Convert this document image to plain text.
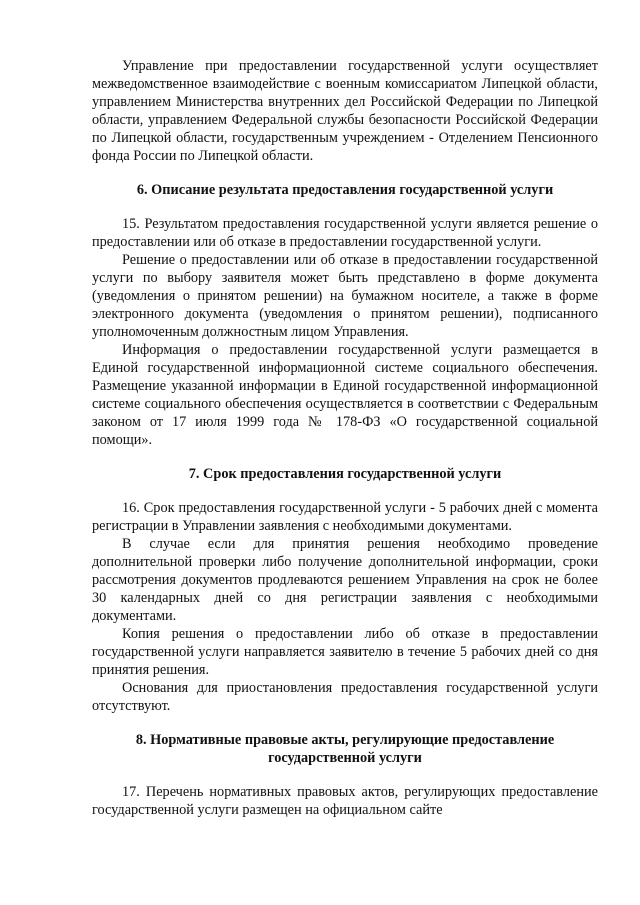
Управление при предоставлении государственной услуги осуществляет межведомственное взаимодействие с военным комиссариатом Липецкой области, управлением Министерства внутренних дел Российской Федерации по Липецкой области, управлением Федеральной службы безопасности Российской Федерации по Липецкой области, государственным учреждением - Отделением Пенсионного фонда России по Липецкой области.

6. Описание результата предоставления государственной услуги

15. Результатом предоставления государственной услуги является решение о предоставлении или об отказе в предоставлении государственной услуги.

Решение о предоставлении или об отказе в предоставлении государственной услуги по выбору заявителя может быть представлено в форме документа (уведомления о принятом решении) на бумажном носителе, а также в форме электронного документа (уведомления о принятом решении), подписанного уполномоченным должностным лицом Управления.

Информация о предоставлении государственной услуги размещается в Единой государственной информационной системе социального обеспечения. Размещение указанной информации в Единой государственной информационной системе социального обеспечения осуществляется в соответствии с Федеральным законом от 17 июля 1999 года № 178-ФЗ «О государственной социальной помощи».

7. Срок предоставления государственной услуги

16. Срок предоставления государственной услуги - 5 рабочих дней с момента регистрации в Управлении заявления с необходимыми документами.

В случае если для принятия решения необходимо проведение дополнительной проверки либо получение дополнительной информации, сроки рассмотрения документов продлеваются решением Управления на срок не более 30 календарных дней со дня регистрации заявления с необходимыми документами.

Копия решения о предоставлении либо об отказе в предоставлении государственной услуги направляется заявителю в течение 5 рабочих дней со дня принятия решения.

Основания для приостановления предоставления государственной услуги отсутствуют.

8. Нормативные правовые акты, регулирующие предоставление

государственной услуги

17. Перечень нормативных правовых актов, регулирующих предоставление государственной услуги размещен на официальном сайте
